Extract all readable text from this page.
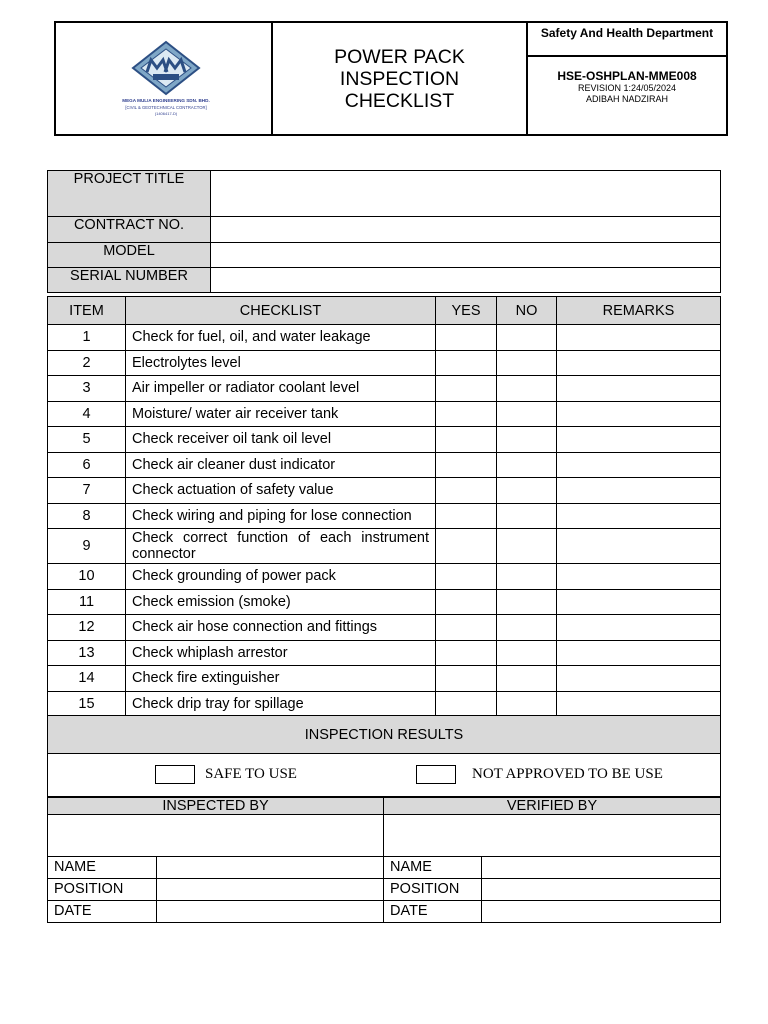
MEGA MULIA ENGINEERING SDN. BHD.
[CIVIL & GEOTECHNICAL CONTRACTOR]
(1406417-D)
POWER PACK
INSPECTION
CHECKLIST
Safety And Health Department
HSE-OSHPLAN-MME008
REVISION 1:24/05/2024
ADIBAH NADZIRAH
PROJECT TITLE	
CONTRACT NO.	
MODEL	
SERIAL NUMBER	
ITEM	CHECKLIST	YES	NO	REMARKS
1	Check for fuel, oil, and water leakage			
2	Electrolytes level			
3	Air impeller or radiator coolant level			
4	Moisture/ water air receiver tank			
5	Check receiver oil tank oil level			
6	Check air cleaner dust indicator			
7	Check actuation of safety value			
8	Check wiring and piping for lose connection			
9	Check correct function of each instrument connector			
10	Check grounding of power pack			
11	Check emission (smoke)			
12	Check air hose connection and fittings			
13	Check whiplash arrestor			
14	Check fire extinguisher			
15	Check drip tray for spillage			
INSPECTION RESULTS

SAFE TO USE	NOT APPROVED TO BE USE
INSPECTED BY		VERIFIED BY	

NAME		NAME	
POSITION		POSITION	
DATE		DATE	
